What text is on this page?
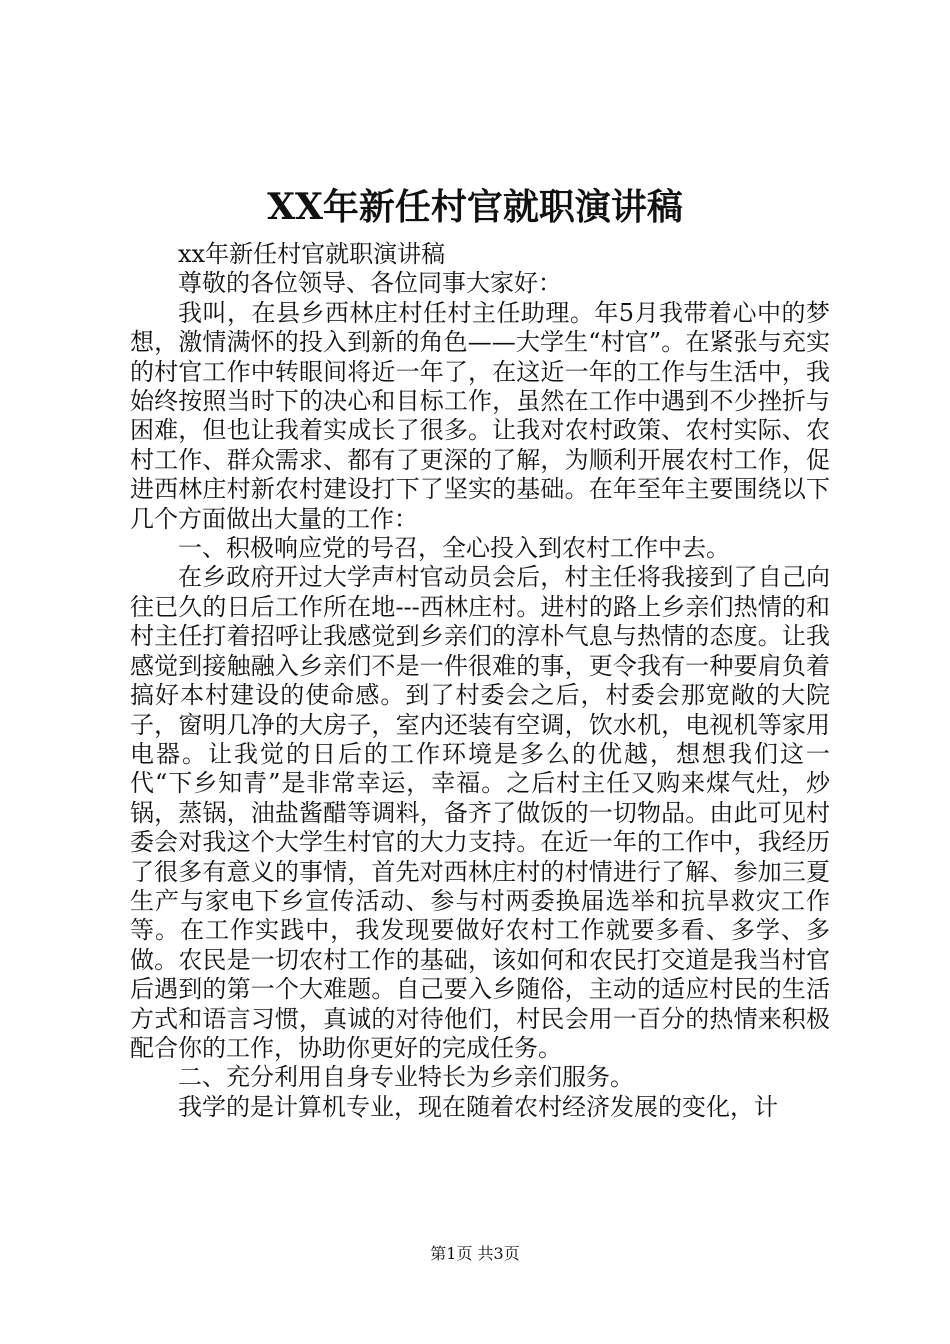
XX年新任村官就职演讲稿

xx年新任村官就职演讲稿

尊敬的各位领导、各位同事大家好：

我叫，在县乡西林庄村任村主任助理。年5月我带着心中的梦想，激情满怀的投入到新的角色——大学生“村官”。在紧张与充实的村官工作中转眼间将近一年了，在这近一年的工作与生活中，我始终按照当时下的决心和目标工作，虽然在工作中遇到不少挫折与困难，但也让我着实成长了很多。让我对农村政策、农村实际、农村工作、群众需求、都有了更深的了解，为顺利开展农村工作，促进西林庄村新农村建设打下了坚实的基础。在年至年主要围绕以下几个方面做出大量的工作：

一、积极响应党的号召，全心投入到农村工作中去。

在乡政府开过大学声村官动员会后，村主任将我接到了自己向往已久的日后工作所在地---西林庄村。进村的路上乡亲们热情的和村主任打着招呼让我感觉到乡亲们的淳朴气息与热情的态度。让我感觉到接触融入乡亲们不是一件很难的事，更令我有一种要肩负着搞好本村建设的使命感。到了村委会之后，村委会那宽敞的大院子，窗明几净的大房子，室内还装有空调，饮水机，电视机等家用电器。让我觉的日后的工作环境是多么的优越，想想我们这一代“下乡知青”是非常幸运，幸福。之后村主任又购来煤气灶，炒锅，蒸锅，油盐酱醋等调料，备齐了做饭的一切物品。由此可见村委会对我这个大学生村官的大力支持。在近一年的工作中，我经历了很多有意义的事情，首先对西林庄村的村情进行了解、参加三夏生产与家电下乡宣传活动、参与村两委换届选举和抗旱救灾工作等。在工作实践中，我发现要做好农村工作就要多看、多学、多做。农民是一切农村工作的基础，该如何和农民打交道是我当村官后遇到的第一个大难题。自己要入乡随俗，主动的适应村民的生活方式和语言习惯，真诚的对待他们，村民会用一百分的热情来积极配合你的工作，协助你更好的完成任务。

二、充分利用自身专业特长为乡亲们服务。

我学的是计算机专业，现在随着农村经济发展的变化，计

第1页 共3页
